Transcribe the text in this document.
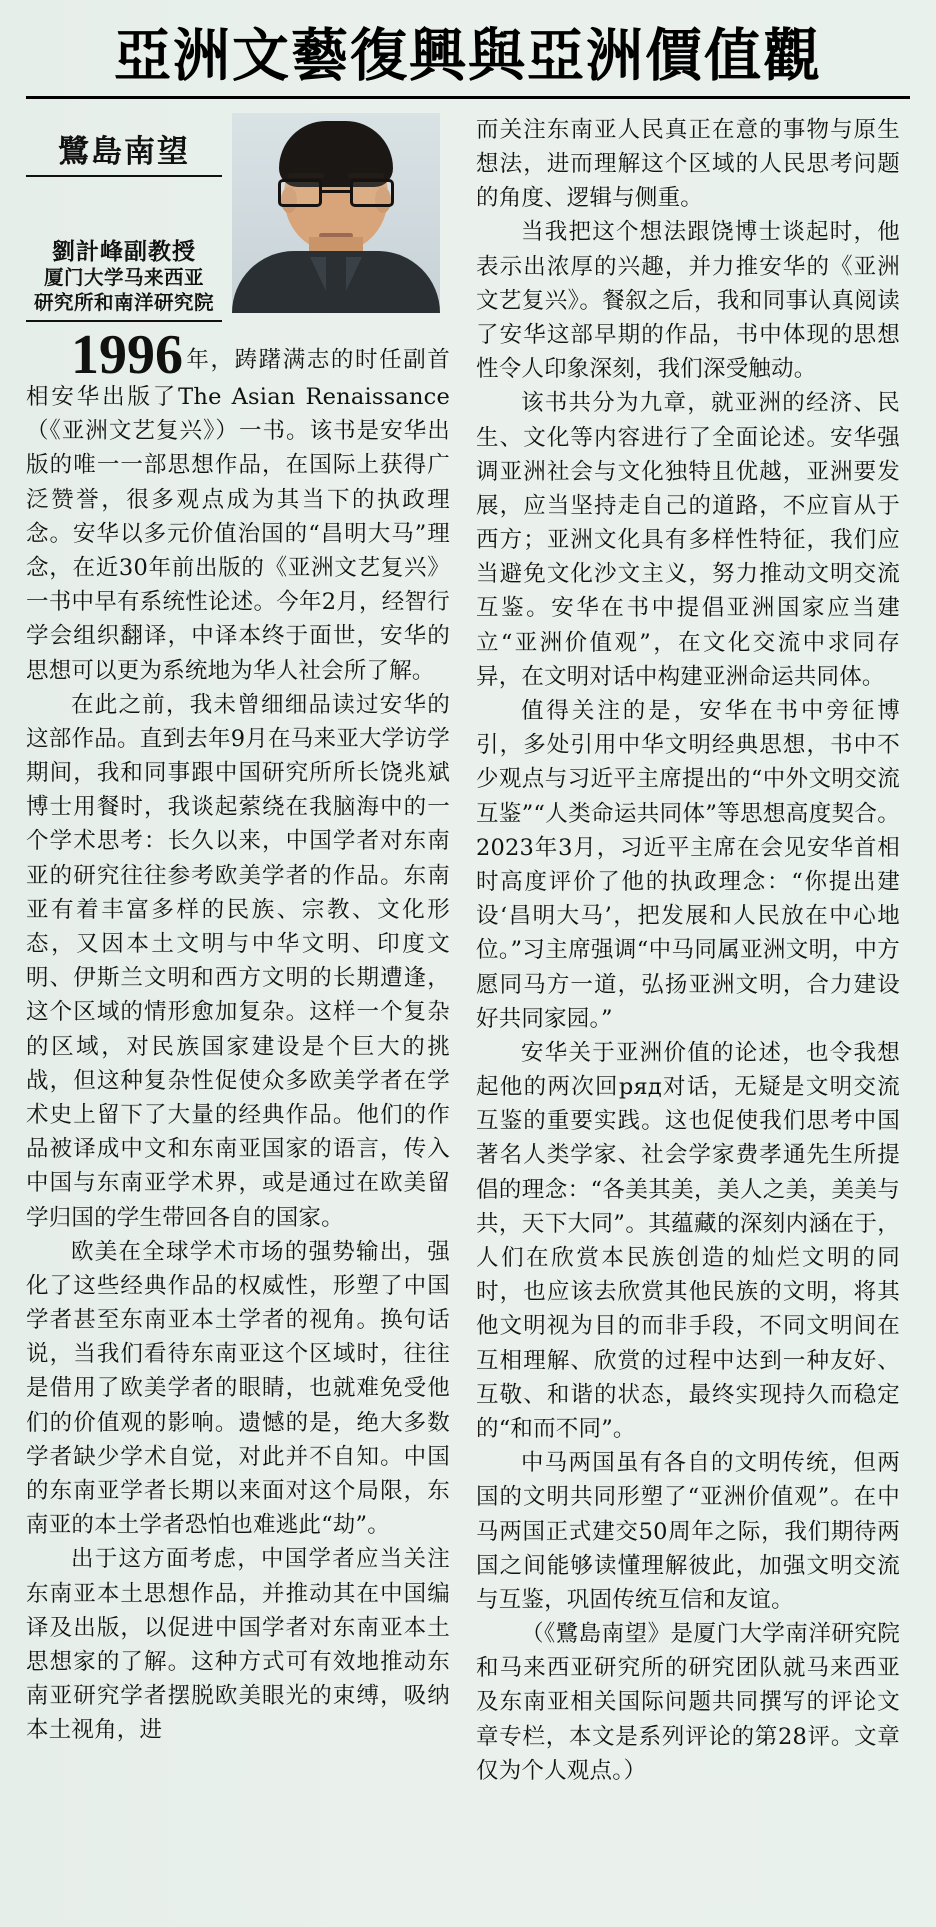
亞洲文藝復興與亞洲價值觀
鷺島南望
劉計峰副教授
厦门大学马来西亚
研究所和南洋研究院

1996年，踌躇满志的时任副首相安华出版了The Asian Renaissance（《亚洲文艺复兴》）一书。该书是安华出版的唯一一部思想作品，在国际上获得广泛赞誉，很多观点成为其当下的执政理念。安华以多元价值治国的“昌明大马”理念，在近30年前出版的《亚洲文艺复兴》一书中早有系统性论述。今年2月，经智行学会组织翻译，中译本终于面世，安华的思想可以更为系统地为华人社会所了解。

在此之前，我未曾细细品读过安华的这部作品。直到去年9月在马来亚大学访学期间，我和同事跟中国研究所所长饶兆斌博士用餐时，我谈起萦绕在我脑海中的一个学术思考：长久以来，中国学者对东南亚的研究往往参考欧美学者的作品。东南亚有着丰富多样的民族、宗教、文化形态，又因本土文明与中华文明、印度文明、伊斯兰文明和西方文明的长期遭逢，这个区域的情形愈加复杂。这样一个复杂的区域，对民族国家建设是个巨大的挑战，但这种复杂性促使众多欧美学者在学术史上留下了大量的经典作品。他们的作品被译成中文和东南亚国家的语言，传入中国与东南亚学术界，或是通过在欧美留学归国的学生带回各自的国家。

欧美在全球学术市场的强势输出，强化了这些经典作品的权威性，形塑了中国学者甚至东南亚本土学者的视角。换句话说，当我们看待东南亚这个区域时，往往是借用了欧美学者的眼睛，也就难免受他们的价值观的影响。遗憾的是，绝大多数学者缺少学术自觉，对此并不自知。中国的东南亚学者长期以来面对这个局限，东南亚的本土学者恐怕也难逃此“劫”。

出于这方面考虑，中国学者应当关注东南亚本土思想作品，并推动其在中国编译及出版，以促进中国学者对东南亚本土思想家的了解。这种方式可有效地推动东南亚研究学者摆脱欧美眼光的束缚，吸纳本土视角，进

而关注东南亚人民真正在意的事物与原生想法，进而理解这个区域的人民思考问题的角度、逻辑与侧重。

当我把这个想法跟饶博士谈起时，他表示出浓厚的兴趣，并力推安华的《亚洲文艺复兴》。餐叙之后，我和同事认真阅读了安华这部早期的作品，书中体现的思想性令人印象深刻，我们深受触动。

该书共分为九章，就亚洲的经济、民生、文化等内容进行了全面论述。安华强调亚洲社会与文化独特且优越，亚洲要发展，应当坚持走自己的道路，不应盲从于西方；亚洲文化具有多样性特征，我们应当避免文化沙文主义，努力推动文明交流互鉴。安华在书中提倡亚洲国家应当建立“亚洲价值观”，在文化交流中求同存异，在文明对话中构建亚洲命运共同体。

值得关注的是，安华在书中旁征博引，多处引用中华文明经典思想，书中不少观点与习近平主席提出的“中外文明交流互鉴”“人类命运共同体”等思想高度契合。2023年3月，习近平主席在会见安华首相时高度评价了他的执政理念：“你提出建设‘昌明大马’，把发展和人民放在中心地位。”习主席强调“中马同属亚洲文明，中方愿同马方一道，弘扬亚洲文明，合力建设好共同家园。”

安华关于亚洲价值的论述，也令我想起他的两次回ряд对话，无疑是文明交流互鉴的重要实践。这也促使我们思考中国著名人类学家、社会学家费孝通先生所提倡的理念：“各美其美，美人之美，美美与共，天下大同”。其蕴藏的深刻内涵在于，人们在欣赏本民族创造的灿烂文明的同时，也应该去欣赏其他民族的文明，将其他文明视为目的而非手段，不同文明间在互相理解、欣赏的过程中达到一种友好、互敬、和谐的状态，最终实现持久而稳定的“和而不同”。

中马两国虽有各自的文明传统，但两国的文明共同形塑了“亚洲价值观”。在中马两国正式建交50周年之际，我们期待两国之间能够读懂理解彼此，加强文明交流与互鉴，巩固传统互信和友谊。

（《鷺島南望》是厦门大学南洋研究院和马来西亚研究所的研究团队就马来西亚及东南亚相关国际问题共同撰写的评论文章专栏，本文是系列评论的第28评。文章仅为个人观点。）
